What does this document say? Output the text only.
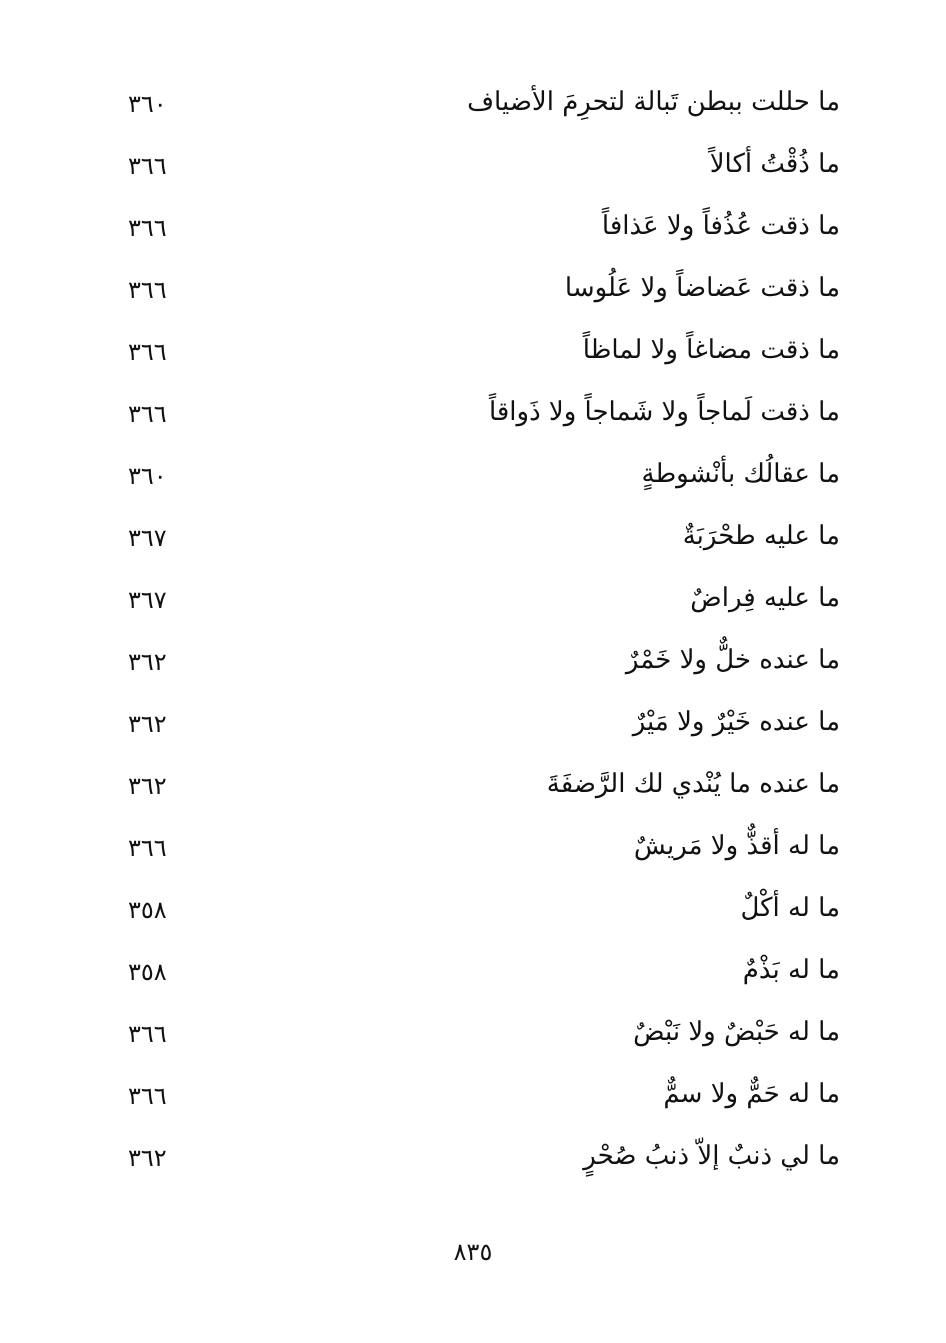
ما حللت ببطن تَبالة لتحرِمَ الأضياف
٣٦٠
ما ذُقْتُ أكالاً
٣٦٦
ما ذقت عُذُفاً ولا عَذافاً
٣٦٦
ما ذقت عَضاضاً ولا عَلُوسا
٣٦٦
ما ذقت مضاغاً ولا لماظاً
٣٦٦
ما ذقت لَماجاً ولا شَماجاً ولا ذَواقاً
٣٦٦
ما عقالُك بأنْشوطةٍ
٣٦٠
ما عليه طحْرَبَةٌ
٣٦٧
ما عليه فِراضٌ
٣٦٧
ما عنده خلٌّ ولا خَمْرٌ
٣٦٢
ما عنده خَيْرٌ ولا مَيْرٌ
٣٦٢
ما عنده ما يُنْدي لك الرَّضفَةَ
٣٦٢
ما له أقذٌّ ولا مَريشٌ
٣٦٦
ما له أكْلٌ
٣٥٨
ما له بَذْمٌ
٣٥٨
ما له حَبْضٌ ولا نَبْضٌ
٣٦٦
ما له حَمٌّ ولا سمٌّ
٣٦٦
ما لي ذنبٌ إلاّ ذنبُ صُحْرٍ
٣٦٢
٨٣٥
